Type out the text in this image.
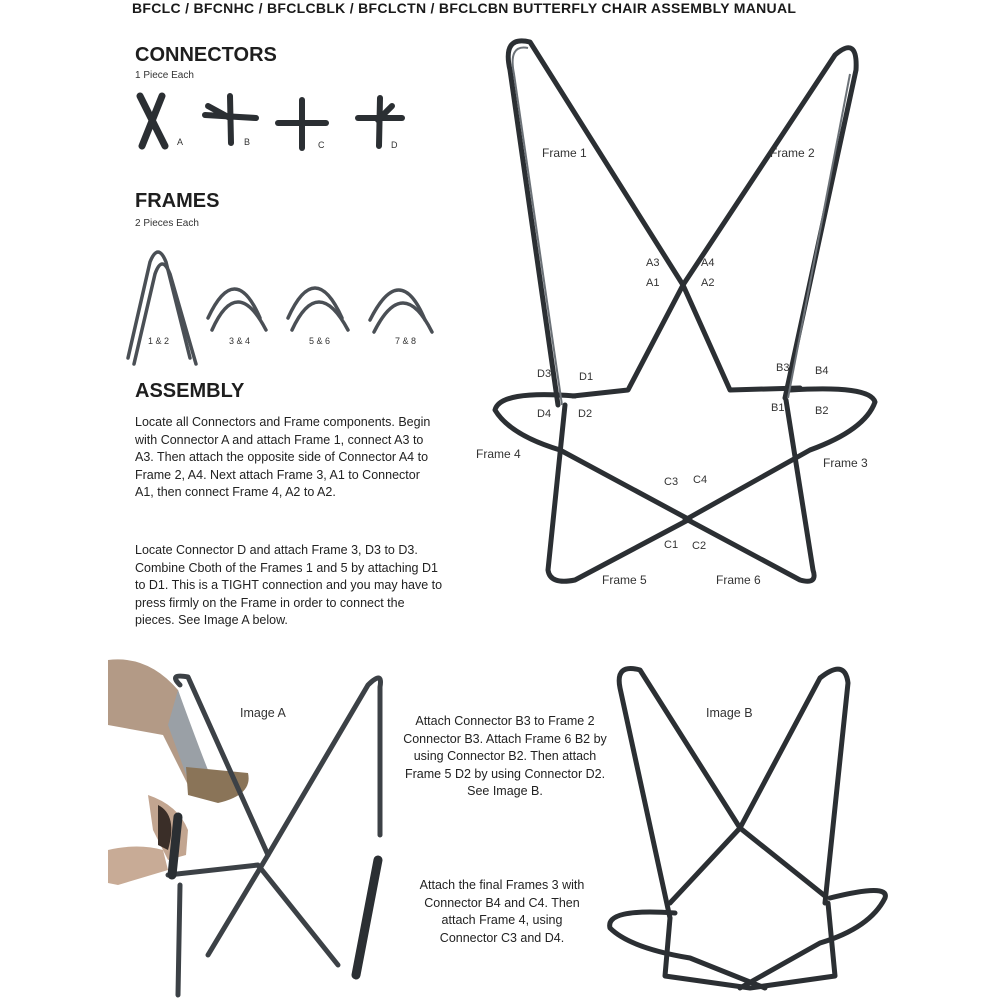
BFCLC / BFCNHC / BFCLCBLK / BFCLCTN / BFCLCBN BUTTERFLY CHAIR ASSEMBLY MANUAL
CONNECTORS
1 Piece Each
A	B	C	D
FRAMES
2 Pieces Each
1 & 2	3 & 4	5 & 6	7 & 8
ASSEMBLY
Locate all Connectors and Frame components. Begin with Connector A and attach Frame 1, connect A3 to A3. Then attach the opposite side of Connector A4 to Frame 2, A4. Next attach Frame 3, A1 to Connector A1, then connect Frame 4, A2 to A2.
Locate Connector D and attach Frame 3, D3 to D3. Combine Cboth of the Frames 1 and 5 by attaching D1 to D1. This is a TIGHT connection and you may have to press firmly on the Frame in order to connect the pieces. See Image A below.
Frame 1	Frame 2
Frame 3
Frame 4
Frame 5	Frame 6
A3	A4
A1	A2
D3	D1
D4 D2
B3 B4
B1	B2
C3 C4
C1 C2
Image A
Attach Connector B3 to Frame 2 Connector B3. Attach Frame 6 B2 by using Connector B2. Then attach Frame 5 D2 by using Connector D2. See Image B.
Attach the final Frames 3 with Connector B4 and C4. Then attach Frame 4, using Connector C3 and D4.
Image B
